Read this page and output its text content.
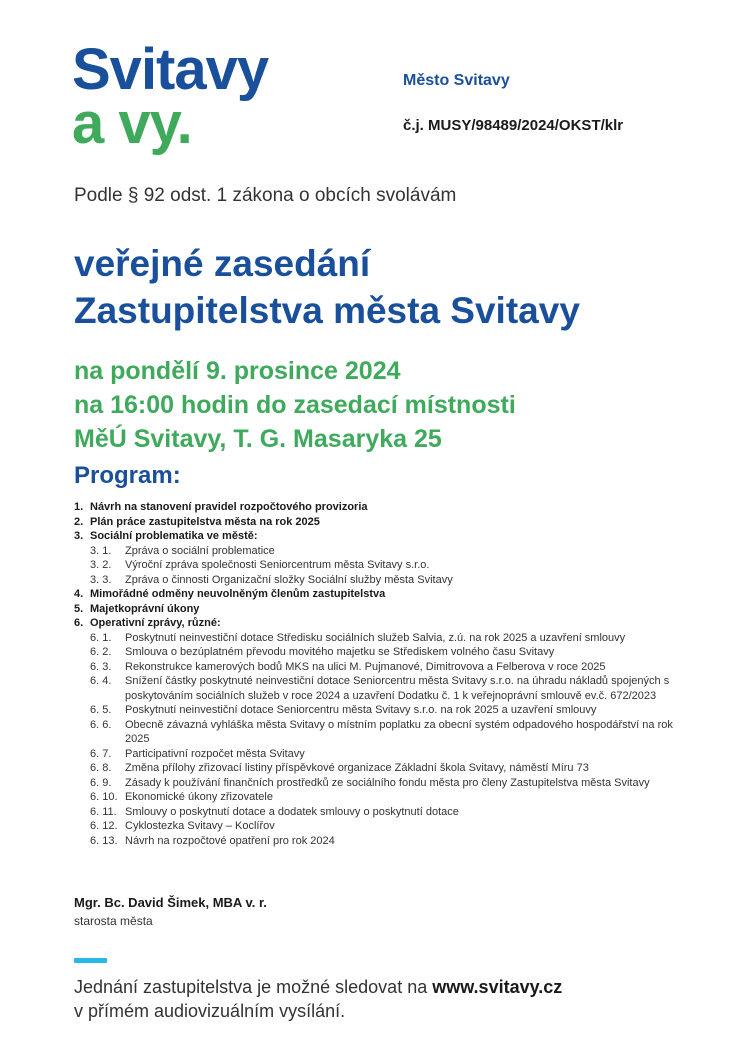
Svitavy
a vy.
Město Svitavy
č.j. MUSY/98489/2024/OKST/klr
Podle § 92 odst. 1 zákona o obcích svolávám
veřejné zasedání
Zastupitelstva města Svitavy
na pondělí 9. prosince 2024
na 16:00 hodin do zasedací místnosti
MěÚ Svitavy, T. G. Masaryka 25
Program:
1. Návrh na stanovení pravidel rozpočtového provizoria
2. Plán práce zastupitelstva města na rok 2025
3. Sociální problematika ve městě:
3. 1.	Zpráva o sociální problematice
3. 2.	Výroční zpráva společnosti Seniorcentrum města Svitavy s.r.o.
3. 3.	Zpráva o činnosti Organizační složky Sociální služby města Svitavy
4. Mimořádné odměny neuvolněným členům zastupitelstva
5. Majetkoprávní úkony
6. Operativní zprávy, různé:
6. 1.	Poskytnutí neinvestiční dotace Středisku sociálních služeb Salvia, z.ú. na rok 2025 a uzavření smlouvy
6. 2.	Smlouva o bezúplatném převodu movitého majetku se Střediskem volného času Svitavy
6. 3.	Rekonstrukce kamerových bodů MKS na ulici M. Pujmanové, Dimitrovova a Felberova v roce 2025
6. 4.	Snížení částky poskytnuté neinvestiční dotace Seniorcentru města Svitavy s.r.o. na úhradu nákladů spojených s poskytováním sociálních služeb v roce 2024 a uzavření Dodatku č. 1 k veřejnoprávní smlouvě ev.č. 672/2023
6. 5.	Poskytnutí neinvestiční dotace Seniorcentru města Svitavy s.r.o. na rok 2025 a uzavření smlouvy
6. 6.	Obecně závazná vyhláška města Svitavy o místním poplatku za obecní systém odpadového hospodářství na rok 2025
6. 7.	Participativní rozpočet města Svitavy
6. 8.	Změna přílohy zřizovací listiny příspěvkové organizace Základní škola Svitavy, náměstí Míru 73
6. 9.	Zásady k používání finančních prostředků ze sociálního fondu města pro členy Zastupitelstva města Svitavy
6. 10. Ekonomické úkony zřizovatele
6. 11. Smlouvy o poskytnutí dotace a dodatek smlouvy o poskytnutí dotace
6. 12. Cyklostezka Svitavy – Koclířov
6. 13. Návrh na rozpočtové opatření pro rok 2024
Mgr. Bc. David Šimek, MBA v. r.
starosta města
Jednání zastupitelstva je možné sledovat na www.svitavy.cz
v přímém audiovizuálním vysílání.
